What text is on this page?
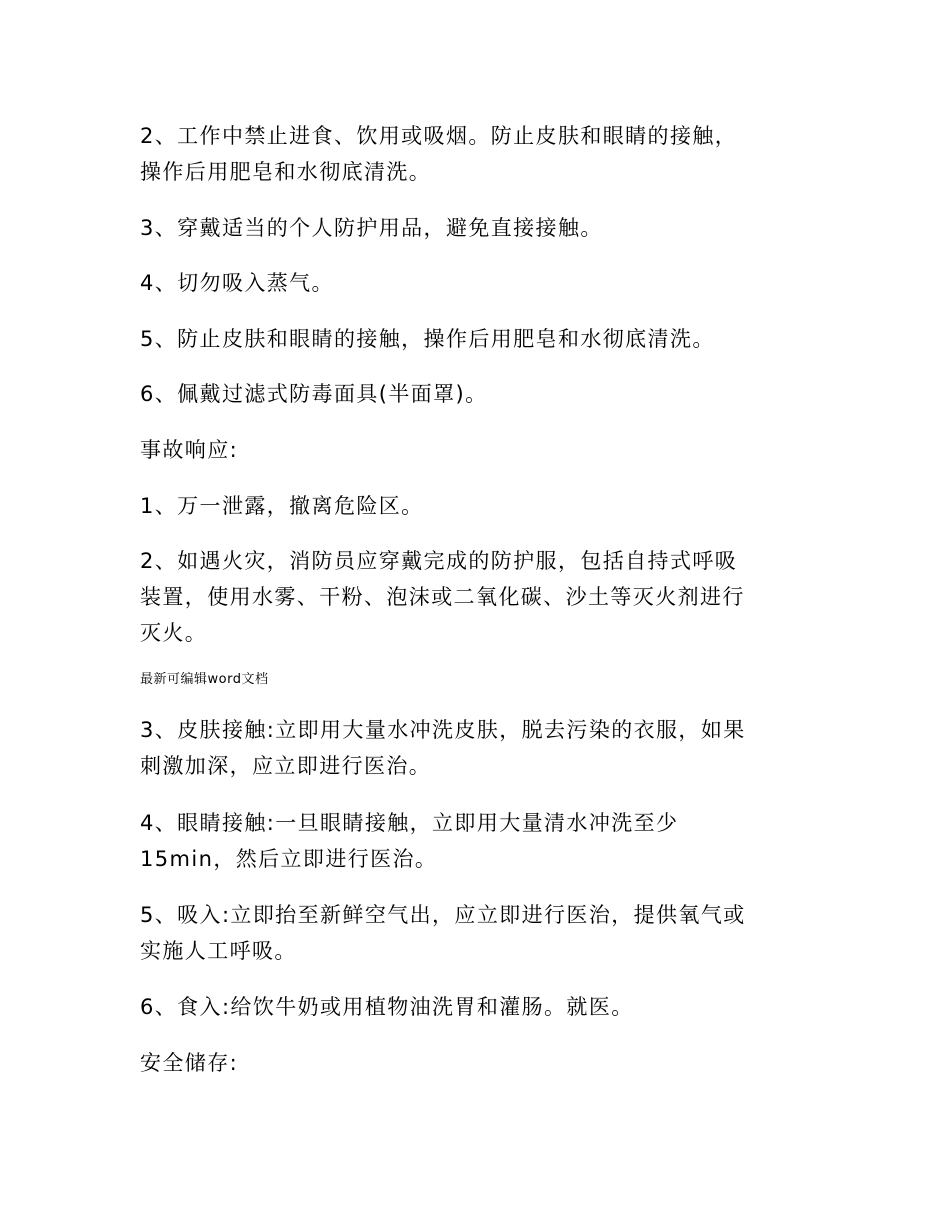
2、工作中禁止进食、饮用或吸烟。防止皮肤和眼睛的接触，
操作后用肥皂和水彻底清洗。
3、穿戴适当的个人防护用品，避免直接接触。
4、切勿吸入蒸气。
5、防止皮肤和眼睛的接触，操作后用肥皂和水彻底清洗。
6、佩戴过滤式防毒面具(半面罩)。
事故响应:
1、万一泄露，撤离危险区。
2、如遇火灾，消防员应穿戴完成的防护服，包括自持式呼吸
装置，使用水雾、干粉、泡沫或二氧化碳、沙土等灭火剂进行
灭火。
最新可编辑word文档
3、皮肤接触:立即用大量水冲洗皮肤，脱去污染的衣服，如果
刺激加深，应立即进行医治。
4、眼睛接触:一旦眼睛接触，立即用大量清水冲洗至少
15min，然后立即进行医治。
5、吸入:立即抬至新鲜空气出，应立即进行医治，提供氧气或
实施人工呼吸。
6、食入:给饮牛奶或用植物油洗胃和灌肠。就医。
安全储存:
